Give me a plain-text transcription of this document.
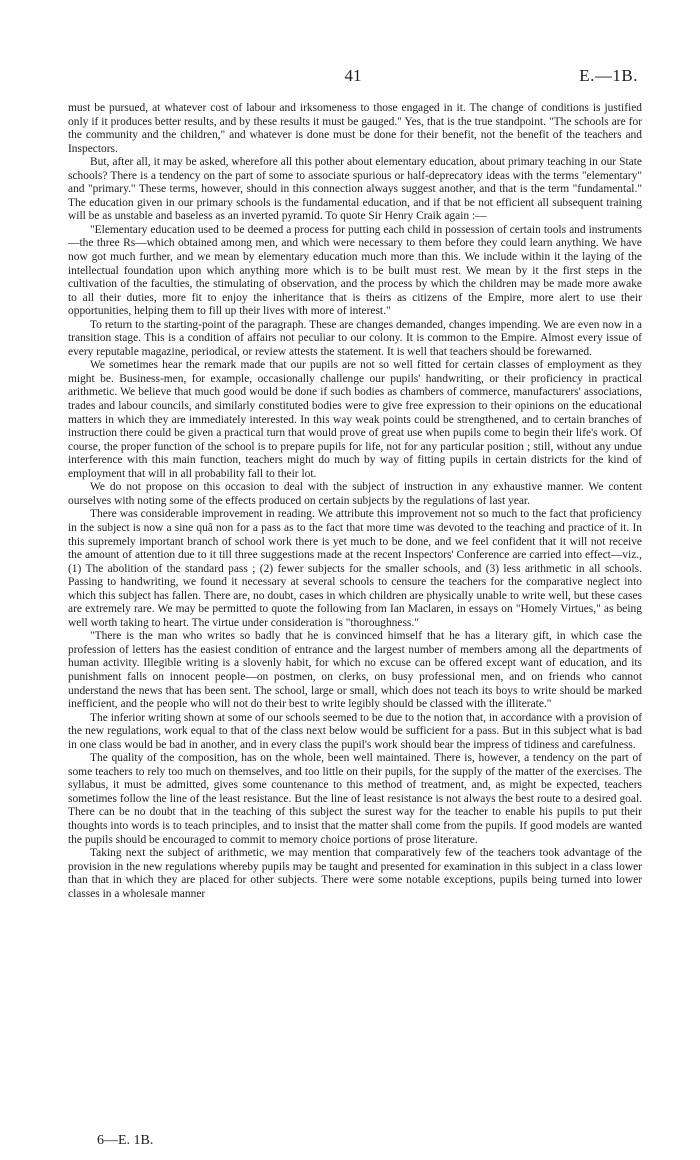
41	E.—1B.

must be pursued, at whatever cost of labour and irksomeness to those engaged in it. The change of conditions is justified only if it produces better results, and by these results it must be gauged." Yes, that is the true standpoint. "The schools are for the community and the children," and whatever is done must be done for their benefit, not the benefit of the teachers and Inspectors.

But, after all, it may be asked, wherefore all this pother about elementary education, about primary teaching in our State schools? There is a tendency on the part of some to associate spurious or half-deprecatory ideas with the terms "elementary" and "primary." These terms, however, should in this connection always suggest another, and that is the term "fundamental." The education given in our primary schools is the fundamental education, and if that be not efficient all subsequent training will be as unstable and baseless as an inverted pyramid. To quote Sir Henry Craik again :—

"Elementary education used to be deemed a process for putting each child in possession of certain tools and instruments—the three Rs—which obtained among men, and which were necessary to them before they could learn anything. We have now got much further, and we mean by elementary education much more than this. We include within it the laying of the intellectual foundation upon which anything more which is to be built must rest. We mean by it the first steps in the cultivation of the faculties, the stimulating of observation, and the process by which the children may be made more awake to all their duties, more fit to enjoy the inheritance that is theirs as citizens of the Empire, more alert to use their opportunities, helping them to fill up their lives with more of interest."

To return to the starting-point of the paragraph. These are changes demanded, changes impending. We are even now in a transition stage. This is a condition of affairs not peculiar to our colony. It is common to the Empire. Almost every issue of every reputable magazine, periodical, or review attests the statement. It is well that teachers should be forewarned.

We sometimes hear the remark made that our pupils are not so well fitted for certain classes of employment as they might be. Business-men, for example, occasionally challenge our pupils' handwriting, or their proficiency in practical arithmetic. We believe that much good would be done if such bodies as chambers of commerce, manufacturers' associations, trades and labour councils, and similarly constituted bodies were to give free expression to their opinions on the educational matters in which they are immediately interested. In this way weak points could be strengthened, and to certain branches of instruction there could be given a practical turn that would prove of great use when pupils come to begin their life's work. Of course, the proper function of the school is to prepare pupils for life, not for any particular position ; still, without any undue interference with this main function, teachers might do much by way of fitting pupils in certain districts for the kind of employment that will in all probability fall to their lot.

We do not propose on this occasion to deal with the subject of instruction in any exhaustive manner. We content ourselves with noting some of the effects produced on certain subjects by the regulations of last year.

There was considerable improvement in reading. We attribute this improvement not so much to the fact that proficiency in the subject is now a sine quâ non for a pass as to the fact that more time was devoted to the teaching and practice of it. In this supremely important branch of school work there is yet much to be done, and we feel confident that it will not receive the amount of attention due to it till three suggestions made at the recent Inspectors' Conference are carried into effect—viz., (1) The abolition of the standard pass ; (2) fewer subjects for the smaller schools, and (3) less arithmetic in all schools. Passing to handwriting, we found it necessary at several schools to censure the teachers for the comparative neglect into which this subject has fallen. There are, no doubt, cases in which children are physically unable to write well, but these cases are extremely rare. We may be permitted to quote the following from Ian Maclaren, in essays on "Homely Virtues," as being well worth taking to heart. The virtue under consideration is "thoroughness."

"There is the man who writes so badly that he is convinced himself that he has a literary gift, in which case the profession of letters has the easiest condition of entrance and the largest number of members among all the departments of human activity. Illegible writing is a slovenly habit, for which no excuse can be offered except want of education, and its punishment falls on innocent people—on postmen, on clerks, on busy professional men, and on friends who cannot understand the news that has been sent. The school, large or small, which does not teach its boys to write should be marked inefficient, and the people who will not do their best to write legibly should be classed with the illiterate."

The inferior writing shown at some of our schools seemed to be due to the notion that, in accordance with a provision of the new regulations, work equal to that of the class next below would be sufficient for a pass. But in this subject what is bad in one class would be bad in another, and in every class the pupil's work should bear the impress of tidiness and carefulness.

The quality of the composition, has on the whole, been well maintained. There is, however, a tendency on the part of some teachers to rely too much on themselves, and too little on their pupils, for the supply of the matter of the exercises. The syllabus, it must be admitted, gives some countenance to this method of treatment, and, as might be expected, teachers sometimes follow the line of the least resistance. But the line of least resistance is not always the best route to a desired goal. There can be no doubt that in the teaching of this subject the surest way for the teacher to enable his pupils to put their thoughts into words is to teach principles, and to insist that the matter shall come from the pupils. If good models are wanted the pupils should be encouraged to commit to memory choice portions of prose literature.

Taking next the subject of arithmetic, we may mention that comparatively few of the teachers took advantage of the provision in the new regulations whereby pupils may be taught and presented for examination in this subject in a class lower than that in which they are placed for other subjects. There were some notable exceptions, pupils being turned into lower classes in a wholesale manner

6—E. 1B.
